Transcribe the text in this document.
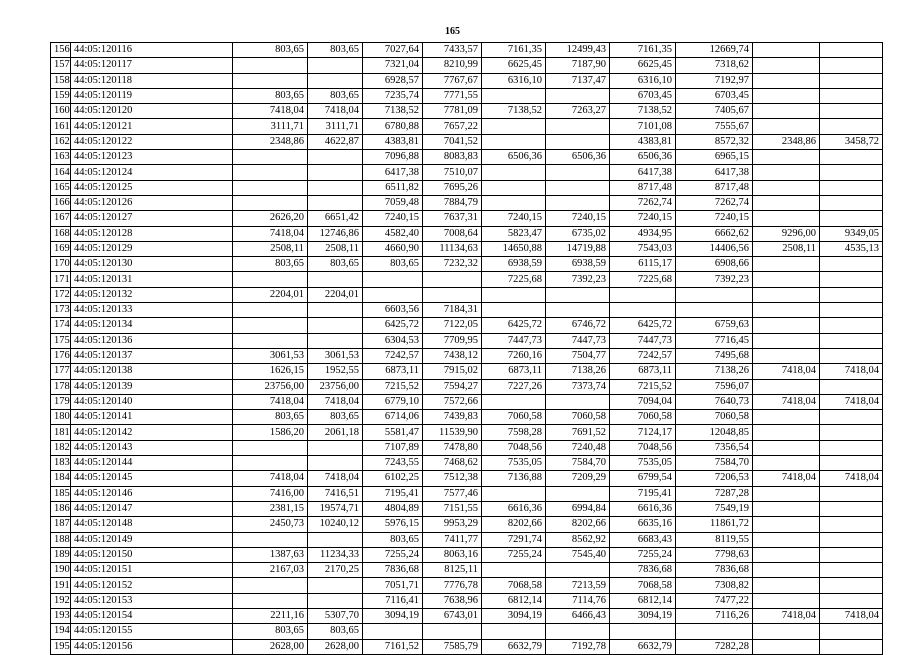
165
156	44:05:120116	803,65	803,65	7027,64	7433,57	7161,35	12499,43	7161,35	12669,74		
157	44:05:120117			7321,04	8210,99	6625,45	7187,90	6625,45	7318,62		
158	44:05:120118			6928,57	7767,67	6316,10	7137,47	6316,10	7192,97		
159	44:05:120119	803,65	803,65	7235,74	7771,55			6703,45	6703,45		
160	44:05:120120	7418,04	7418,04	7138,52	7781,09	7138,52	7263,27	7138,52	7405,67		
161	44:05:120121	3111,71	3111,71	6780,88	7657,22			7101,08	7555,67		
162	44:05:120122	2348,86	4622,87	4383,81	7041,52			4383,81	8572,32	2348,86	3458,72
163	44:05:120123			7096,88	8083,83	6506,36	6506,36	6506,36	6965,15		
164	44:05:120124			6417,38	7510,07			6417,38	6417,38		
165	44:05:120125			6511,82	7695,26			8717,48	8717,48		
166	44:05:120126			7059,48	7884,79			7262,74	7262,74		
167	44:05:120127	2626,20	6651,42	7240,15	7637,31	7240,15	7240,15	7240,15	7240,15		
168	44:05:120128	7418,04	12746,86	4582,40	7008,64	5823,47	6735,02	4934,95	6662,62	9296,00	9349,05
169	44:05:120129	2508,11	2508,11	4660,90	11134,63	14650,88	14719,88	7543,03	14406,56	2508,11	4535,13
170	44:05:120130	803,65	803,65	803,65	7232,32	6938,59	6938,59	6115,17	6908,66		
171	44:05:120131					7225,68	7392,23	7225,68	7392,23		
172	44:05:120132	2204,01	2204,01								
173	44:05:120133			6603,56	7184,31						
174	44:05:120134			6425,72	7122,05	6425,72	6746,72	6425,72	6759,63		
175	44:05:120136			6304,53	7709,95	7447,73	7447,73	7447,73	7716,45		
176	44:05:120137	3061,53	3061,53	7242,57	7438,12	7260,16	7504,77	7242,57	7495,68		
177	44:05:120138	1626,15	1952,55	6873,11	7915,02	6873,11	7138,26	6873,11	7138,26	7418,04	7418,04
178	44:05:120139	23756,00	23756,00	7215,52	7594,27	7227,26	7373,74	7215,52	7596,07		
179	44:05:120140	7418,04	7418,04	6779,10	7572,66			7094,04	7640,73	7418,04	7418,04
180	44:05:120141	803,65	803,65	6714,06	7439,83	7060,58	7060,58	7060,58	7060,58		
181	44:05:120142	1586,20	2061,18	5581,47	11539,90	7598,28	7691,52	7124,17	12048,85		
182	44:05:120143			7107,89	7478,80	7048,56	7240,48	7048,56	7356,54		
183	44:05:120144			7243,55	7468,62	7535,05	7584,70	7535,05	7584,70		
184	44:05:120145	7418,04	7418,04	6102,25	7512,38	7136,88	7209,29	6799,54	7206,53	7418,04	7418,04
185	44:05:120146	7416,00	7416,51	7195,41	7577,46			7195,41	7287,28		
186	44:05:120147	2381,15	19574,71	4804,89	7151,55	6616,36	6994,84	6616,36	7549,19		
187	44:05:120148	2450,73	10240,12	5976,15	9953,29	8202,66	8202,66	6635,16	11861,72		
188	44:05:120149			803,65	7411,77	7291,74	8562,92	6683,43	8119,55		
189	44:05:120150	1387,63	11234,33	7255,24	8063,16	7255,24	7545,40	7255,24	7798,63		
190	44:05:120151	2167,03	2170,25	7836,68	8125,11			7836,68	7836,68		
191	44:05:120152			7051,71	7776,78	7068,58	7213,59	7068,58	7308,82		
192	44:05:120153			7116,41	7638,96	6812,14	7114,76	6812,14	7477,22		
193	44:05:120154	2211,16	5307,70	3094,19	6743,01	3094,19	6466,43	3094,19	7116,26	7418,04	7418,04
194	44:05:120155	803,65	803,65								
195	44:05:120156	2628,00	2628,00	7161,52	7585,79	6632,79	7192,78	6632,79	7282,28		
